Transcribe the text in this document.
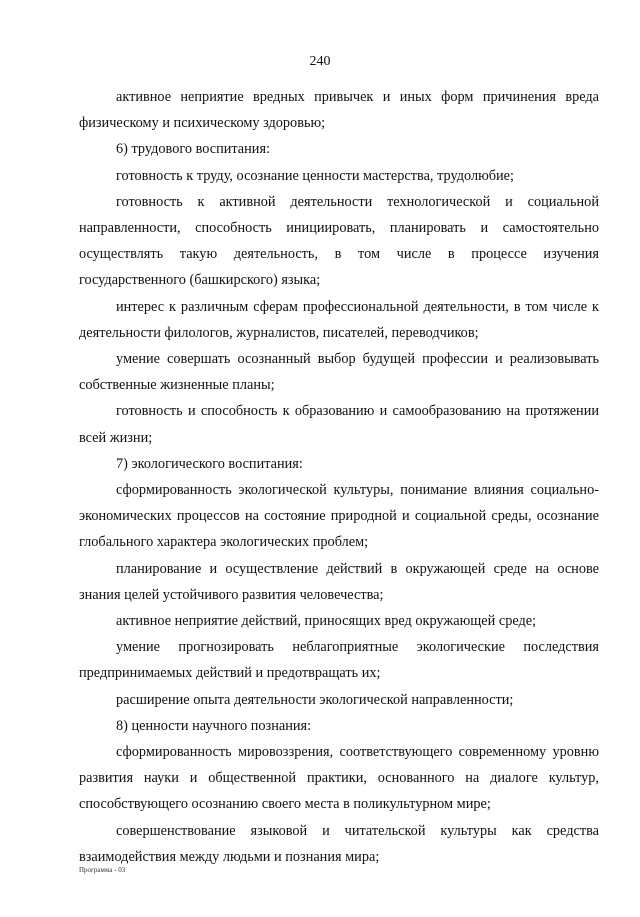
240

активное неприятие вредных привычек и иных форм причинения вреда физическому и психическому здоровью;

6) трудового воспитания:

готовность к труду, осознание ценности мастерства, трудолюбие;

готовность к активной деятельности технологической и социальной направленности, способность инициировать, планировать и самостоятельно осуществлять такую деятельность, в том числе в процессе изучения государственного (башкирского) языка;

интерес к различным сферам профессиональной деятельности, в том числе к деятельности филологов, журналистов, писателей, переводчиков;

умение совершать осознанный выбор будущей профессии и реализовывать собственные жизненные планы;

готовность и способность к образованию и самообразованию на протяжении всей жизни;

7) экологического воспитания:

сформированность экологической культуры, понимание влияния социально-экономических процессов на состояние природной и социальной среды, осознание глобального характера экологических проблем;

планирование и осуществление действий в окружающей среде на основе знания целей устойчивого развития человечества;

активное неприятие действий, приносящих вред окружающей среде;

умение прогнозировать неблагоприятные экологические последствия предпринимаемых действий и предотвращать их;

расширение опыта деятельности экологической направленности;

8) ценности научного познания:

сформированность мировоззрения, соответствующего современному уровню развития науки и общественной практики, основанного на диалоге культур, способствующего осознанию своего места в поликультурном мире;

совершенствование языковой и читательской культуры как средства взаимодействия между людьми и познания мира;

Программа - 03
